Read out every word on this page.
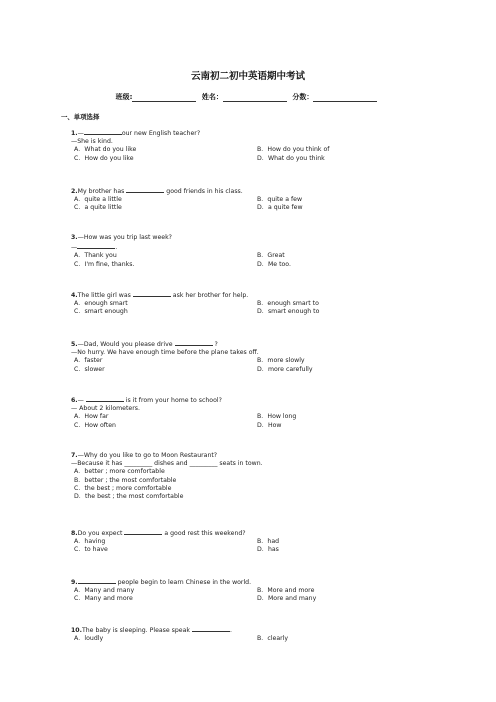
云南初二初中英语期中考试
班级:	姓名：	分数：
一、单项选择
1.—	our new English teacher?
—She is kind.
A．What do you like	B．How do you think of
C．How do you like	D．What do you think
2.My brother has	good friends in his class.
A．quite a little	B．quite a few
C．a quite little	D．a quite few
3.—How was you trip last week?
—	.
A．Thank you	B．Great
C．I'm fine, thanks.	D．Me too.
4.The little girl was	ask her brother for help.
A．enough smart	B．enough smart to
C．smart enough	D．smart enough to
5.—Dad, Would you please drive	?
—No hurry. We have enough time before the plane takes off.
A．faster	B．more slowly
C．slower	D．more carefully
6.—	is it from your home to school?
— About 2 kilometers.
A．How far	B．How long
C．How often	D．How
7.—Why do you like to go to Moon Restaurant?
—Because it has _________ dishes and _________ seats in town.
A．better ; more comfortable
B．better ; the most comfortable
C．the best ; more comfortable
D．the best ; the most comfortable
8.Do you expect	a good rest this weekend?
A．having	B．had
C．to have	D．has
9.	people begin to learn Chinese in the world.
A．Many and many	B．More and more
C．Many and more	D．More and many
10.The baby is sleeping. Please speak	.
A．loudly	B．clearly
